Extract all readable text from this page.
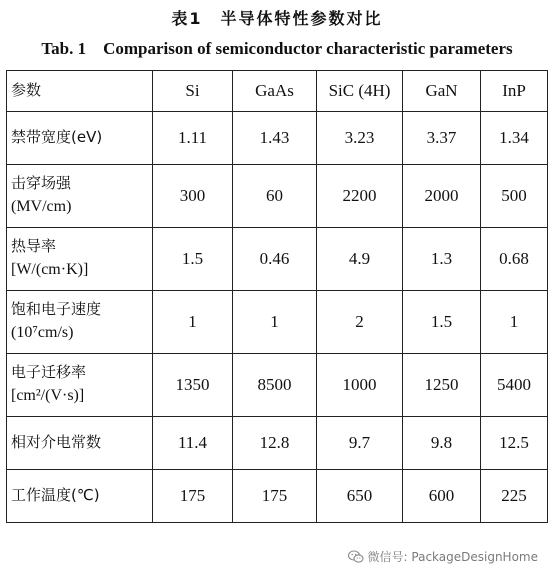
表1　半导体特性参数对比
Tab. 1　Comparison of semiconductor characteristic parameters
参数	Si	GaAs	SiC (4H)	GaN	InP
禁带宽度(eV)	1.11	1.43	3.23	3.37	1.34
击穿场强
(MV/cm)	300	60	2200	2000	500
热导率
[W/(cm·K)]	1.5	0.46	4.9	1.3	0.68
饱和电子速度
(10⁷cm/s)	1	1	2	1.5	1
电子迁移率
[cm²/(V·s)]	1350	8500	1000	1250	5400
相对介电常数	11.4	12.8	9.7	9.8	12.5
工作温度(℃)	175	175	650	600	225
微信号: PackageDesignHome
